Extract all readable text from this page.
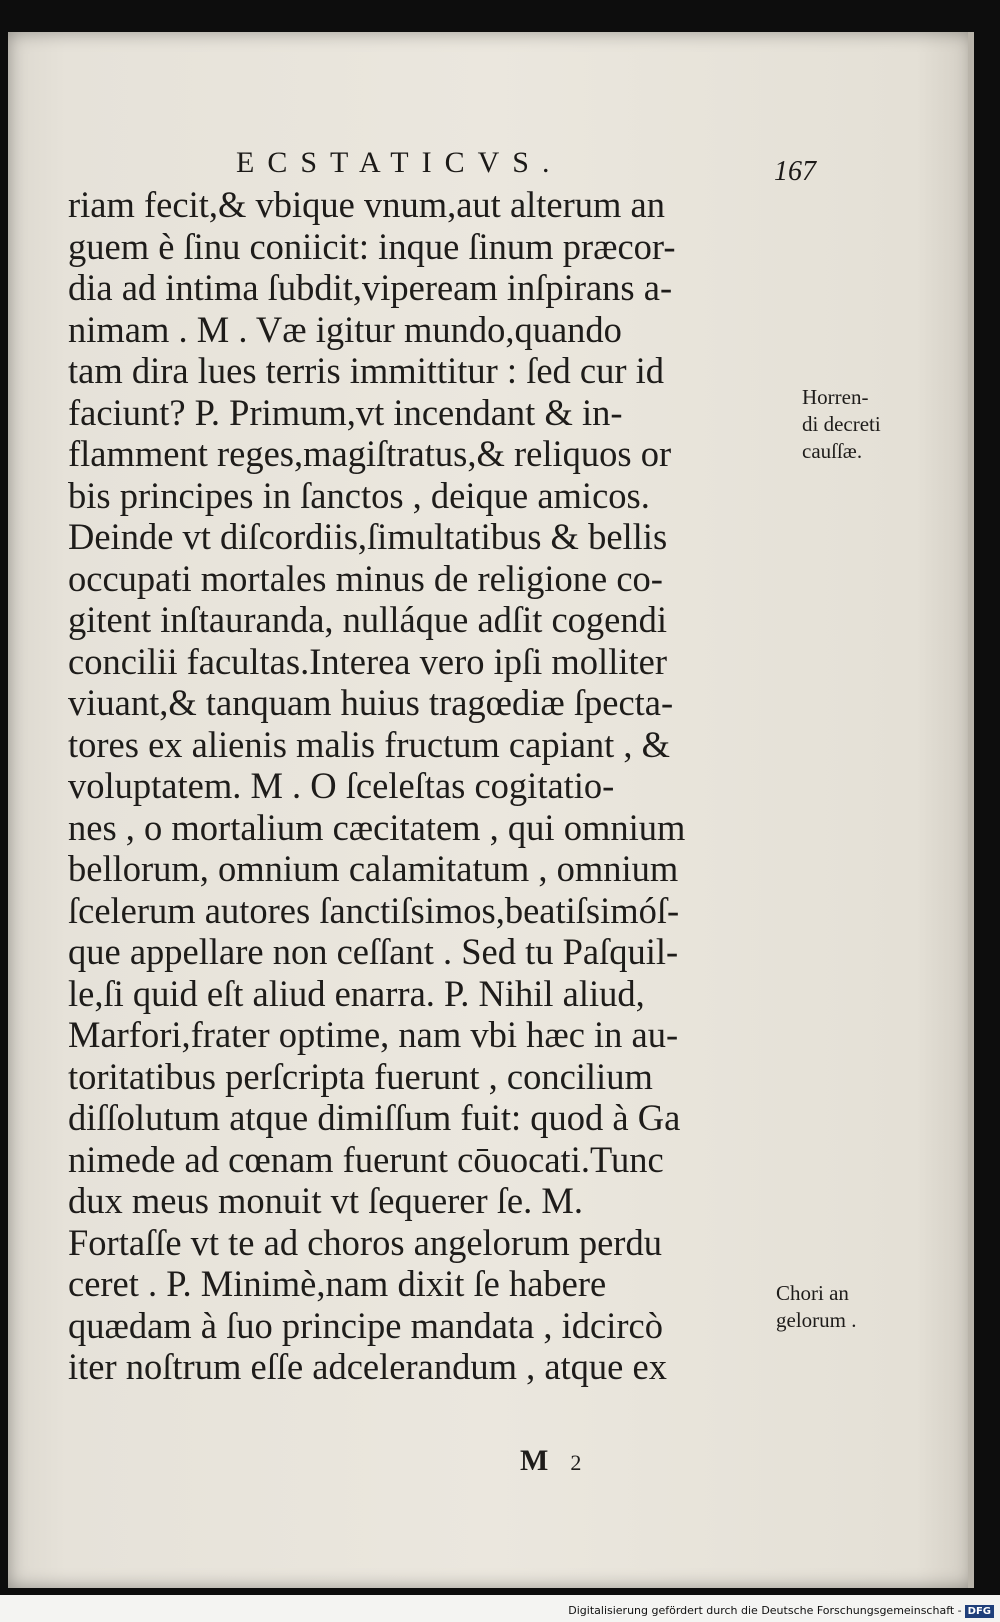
ECSTATICVS.	167
riam fecit,& vbique vnum,aut alterum an
guem è ſinu coniicit: inque ſinum præcor-
dia ad intima ſubdit,vipeream inſpirans a-
nimam . M . Væ igitur mundo,quando
tam dira lues terris immittitur : ſed cur id
faciunt? P. Primum,vt incendant & in-
flamment reges,magiſtratus,& reliquos or
bis principes in ſanctos , deique amicos.
Deinde vt diſcordiis,ſimultatibus & bellis
occupati mortales minus de religione co-
gitent inſtauranda, nulláque adſit cogendi
concilii facultas.Interea vero ipſi molliter
viuant,& tanquam huius tragœdiæ ſpecta-
tores ex alienis malis fructum capiant , &
voluptatem. M . O ſceleſtas cogitatio-
nes , o mortalium cæcitatem , qui omnium
bellorum, omnium calamitatum , omnium
ſcelerum autores ſanctiſsimos,beatiſsimóſ-
que appellare non ceſſant . Sed tu Paſquil-
le,ſi quid eſt aliud enarra. P. Nihil aliud,
Marfori,frater optime, nam vbi hæc in au-
toritatibus perſcripta fuerunt , concilium
diſſolutum atque dimiſſum fuit: quod à Ga
nimede ad cœnam fuerunt cōuocati.Tunc
dux meus monuit vt ſequerer ſe. M.
Fortaſſe vt te ad choros angelorum perdu
ceret . P. Minimè,nam dixit ſe habere
quædam à ſuo principe mandata , idcircò
iter noſtrum eſſe adcelerandum , atque ex
Horren-
di decreti
cauſſæ.
Chori an
gelorum .
M 2
Digitalisierung gefördert durch die Deutsche Forschungsgemeinschaft - DFG
